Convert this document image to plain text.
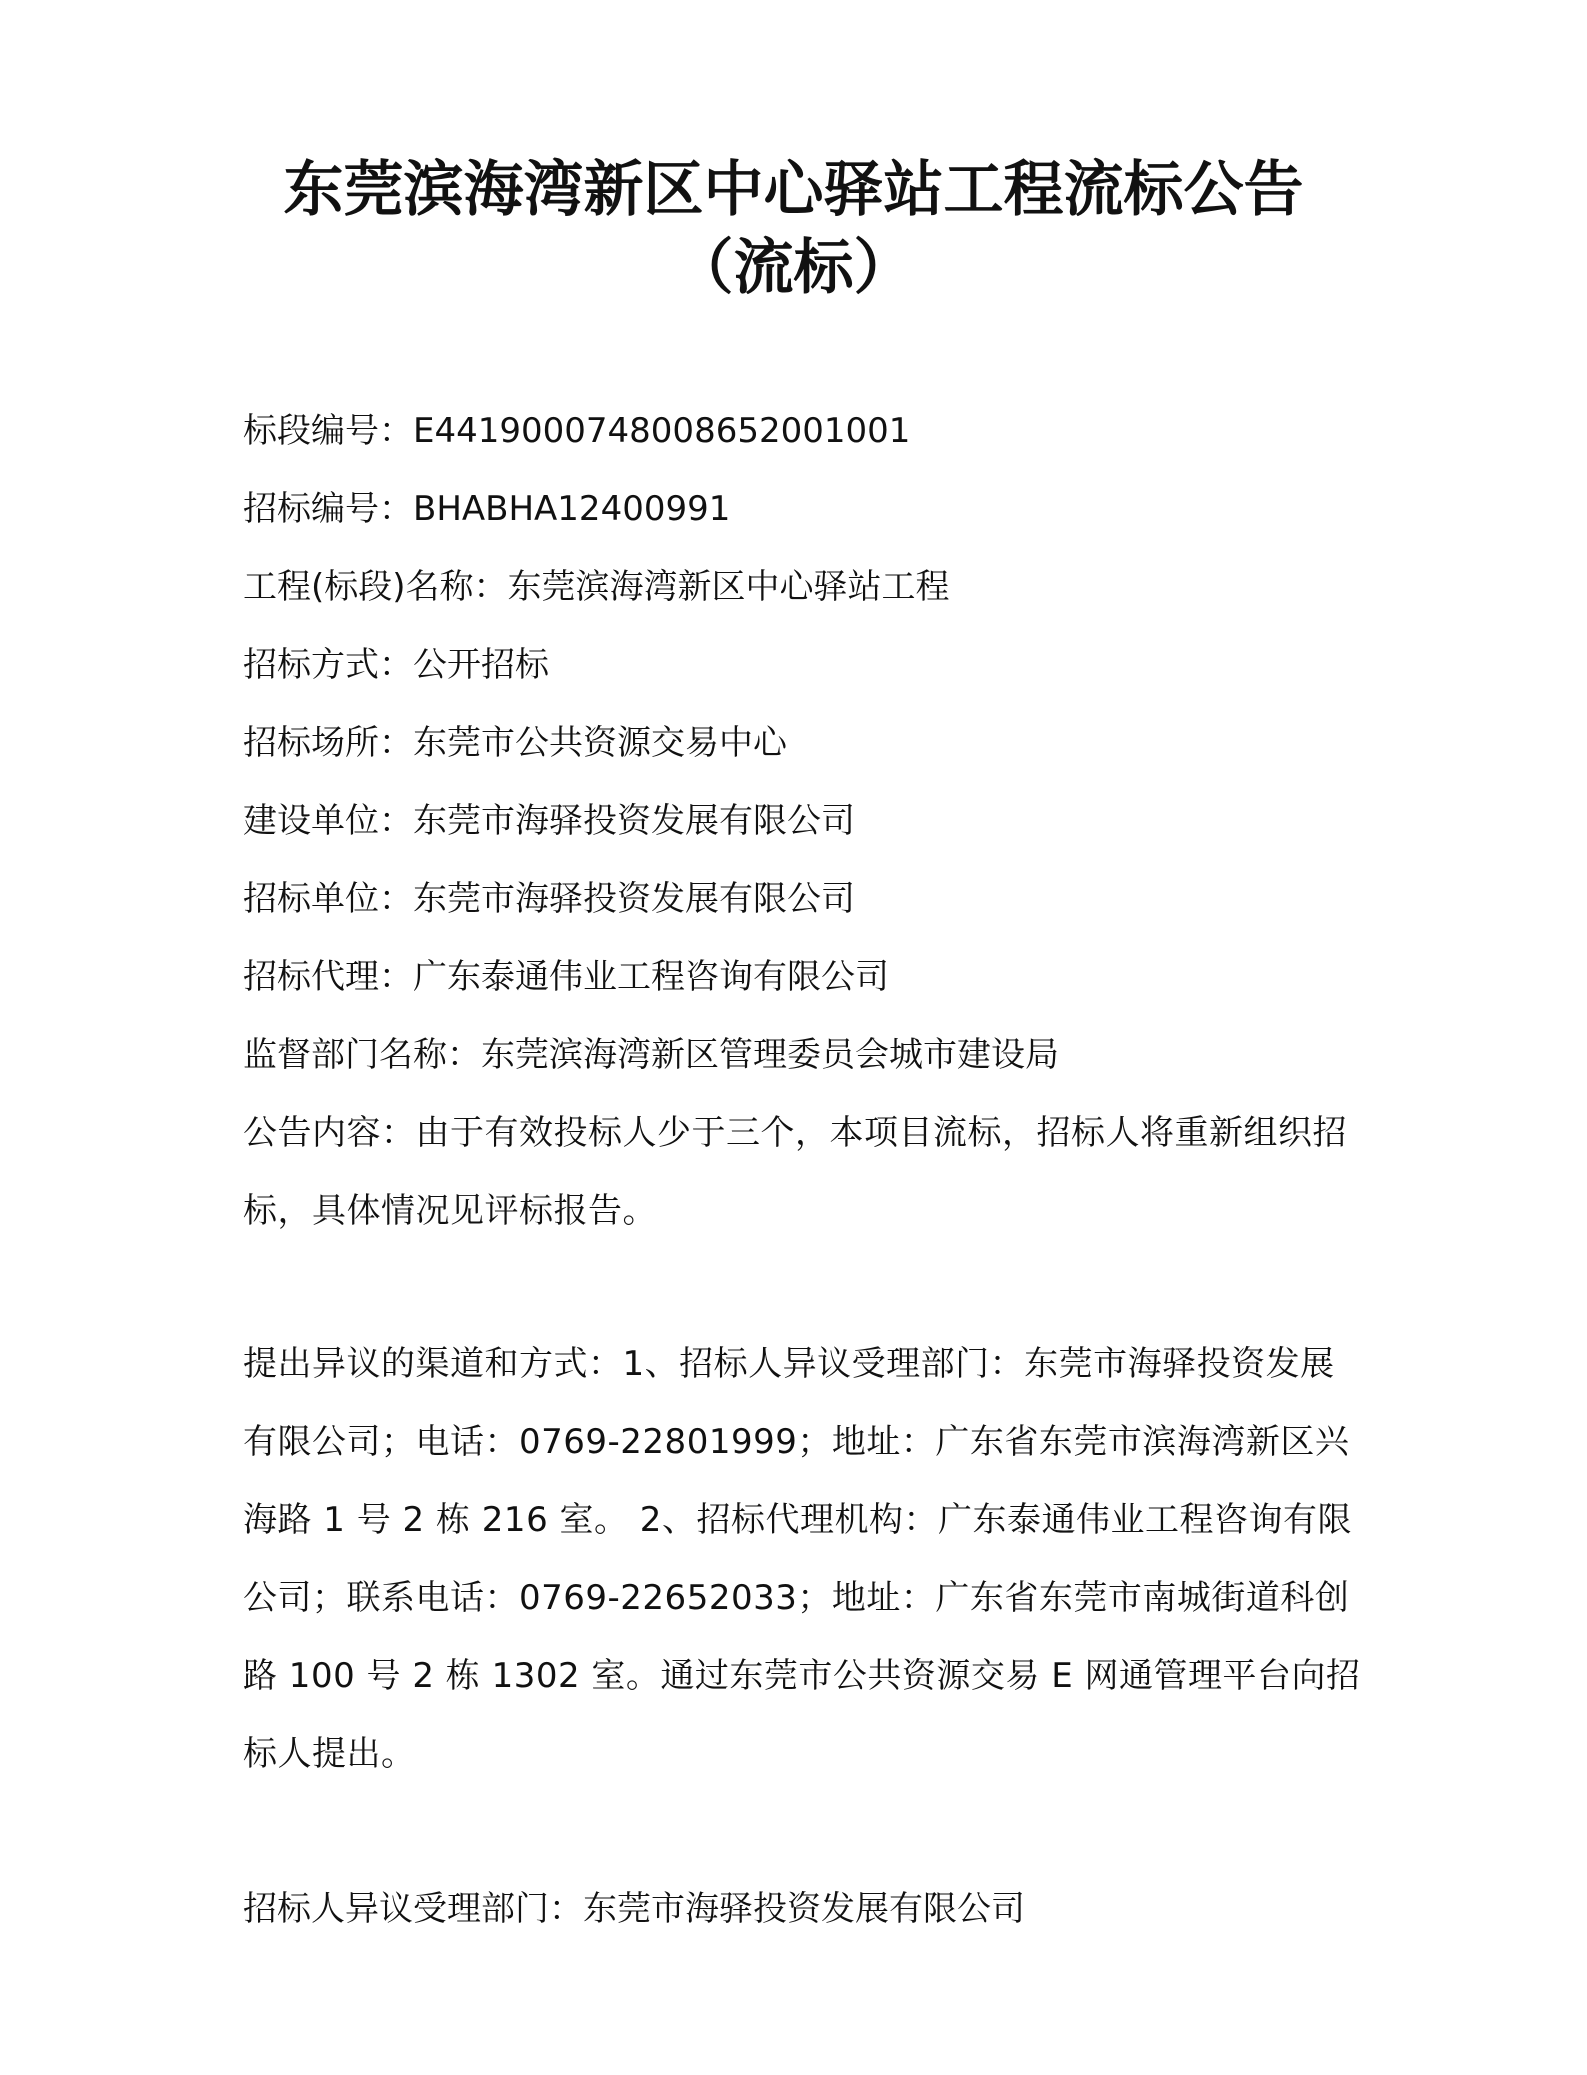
东莞滨海湾新区中心驿站工程流标公告
（流标）
标段编号：E4419000748008652001001
招标编号：BHABHA12400991
工程(标段)名称：东莞滨海湾新区中心驿站工程
招标方式：公开招标
招标场所：东莞市公共资源交易中心
建设单位：东莞市海驿投资发展有限公司
招标单位：东莞市海驿投资发展有限公司
招标代理：广东泰通伟业工程咨询有限公司
监督部门名称：东莞滨海湾新区管理委员会城市建设局
公告内容：由于有效投标人少于三个，本项目流标，招标人将重新组织招标，具体情况见评标报告。
提出异议的渠道和方式：1、招标人异议受理部门：东莞市海驿投资发展有限公司；电话：0769-22801999；地址：广东省东莞市滨海湾新区兴海路 1 号 2 栋 216 室。 2、招标代理机构：广东泰通伟业工程咨询有限公司；联系电话：0769-22652033；地址：广东省东莞市南城街道科创路 100 号 2 栋 1302 室。通过东莞市公共资源交易 E 网通管理平台向招标人提出。
招标人异议受理部门：东莞市海驿投资发展有限公司
